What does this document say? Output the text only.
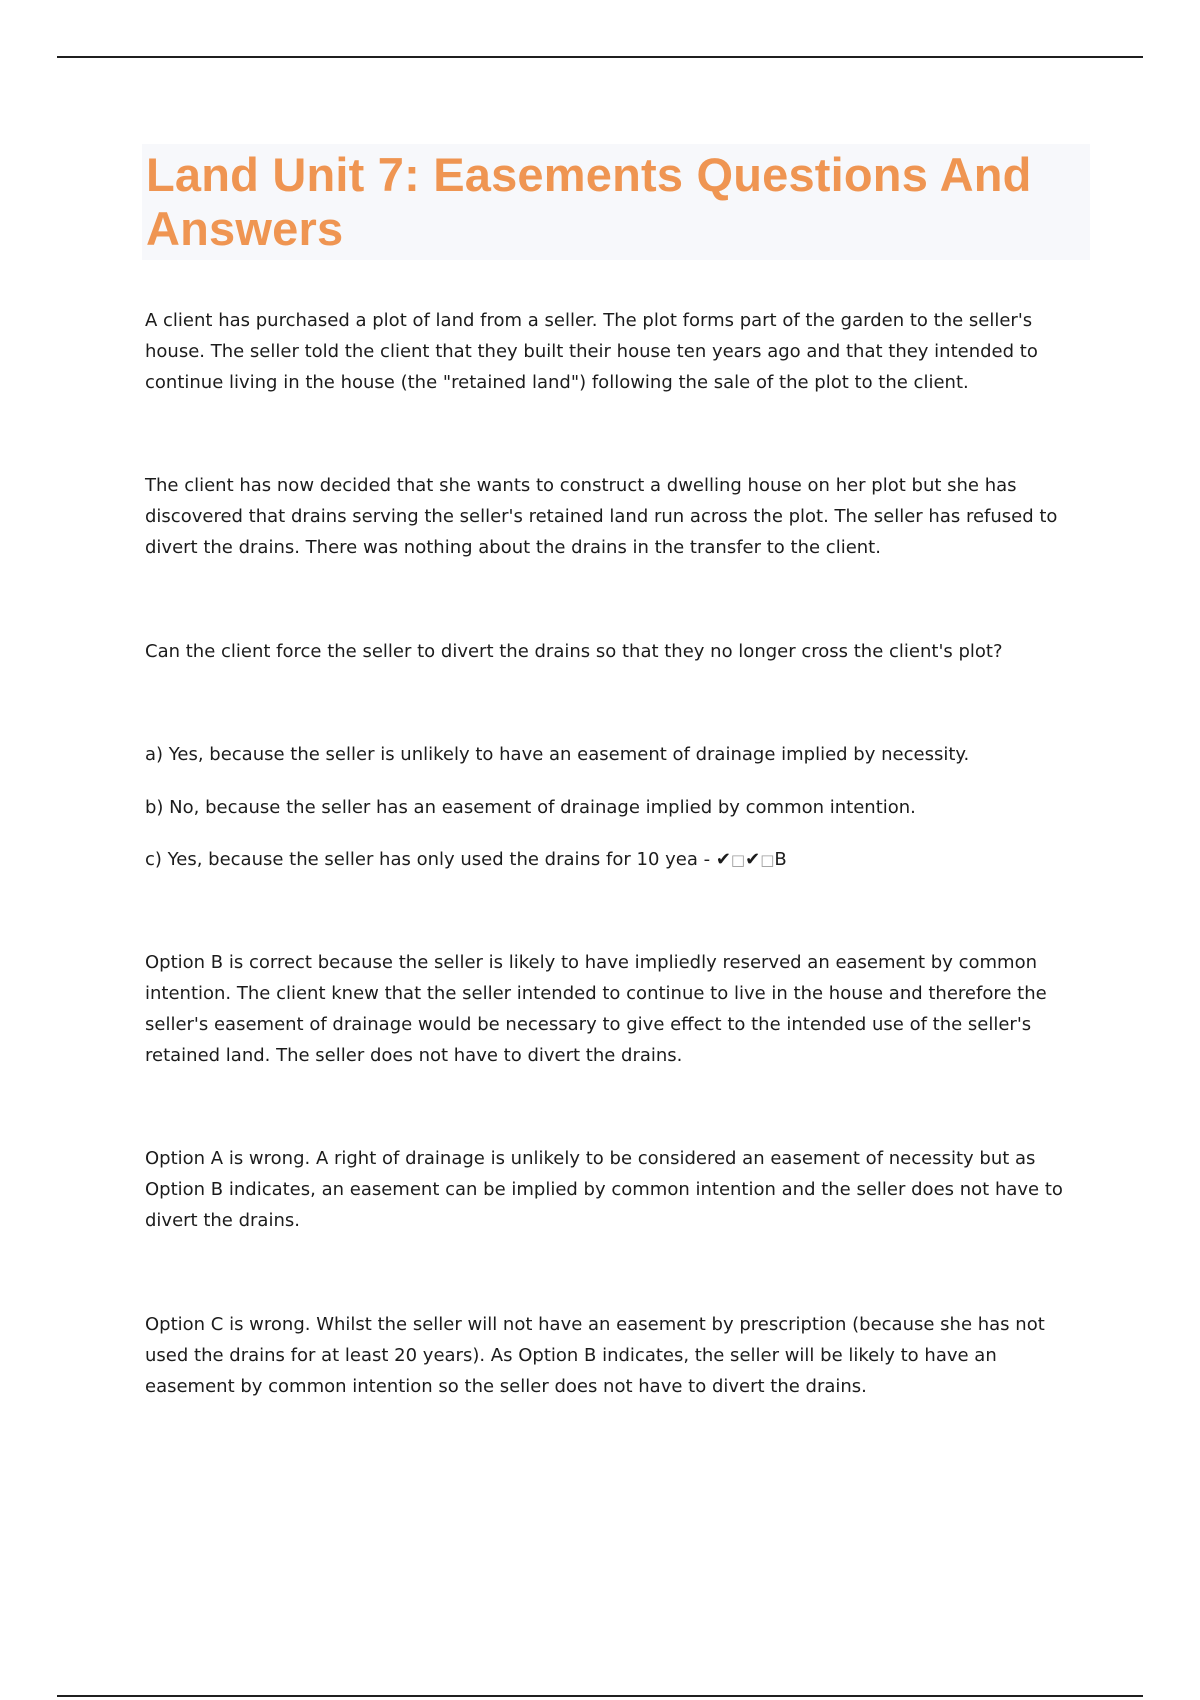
Land Unit 7: Easements Questions And Answers

A client has purchased a plot of land from a seller. The plot forms part of the garden to the seller's house. The seller told the client that they built their house ten years ago and that they intended to continue living in the house (the "retained land") following the sale of the plot to the client.

The client has now decided that she wants to construct a dwelling house on her plot but she has discovered that drains serving the seller's retained land run across the plot. The seller has refused to divert the drains. There was nothing about the drains in the transfer to the client.

Can the client force the seller to divert the drains so that they no longer cross the client's plot?

a) Yes, because the seller is unlikely to have an easement of drainage implied by necessity.

b) No, because the seller has an easement of drainage implied by common intention.

c) Yes, because the seller has only used the drains for 10 yea - ✔□✔□B

Option B is correct because the seller is likely to have impliedly reserved an easement by common intention. The client knew that the seller intended to continue to live in the house and therefore the seller's easement of drainage would be necessary to give effect to the intended use of the seller's retained land. The seller does not have to divert the drains.

Option A is wrong. A right of drainage is unlikely to be considered an easement of necessity but as Option B indicates, an easement can be implied by common intention and the seller does not have to divert the drains.

Option C is wrong. Whilst the seller will not have an easement by prescription (because she has not used the drains for at least 20 years). As Option B indicates, the seller will be likely to have an easement by common intention so the seller does not have to divert the drains.
